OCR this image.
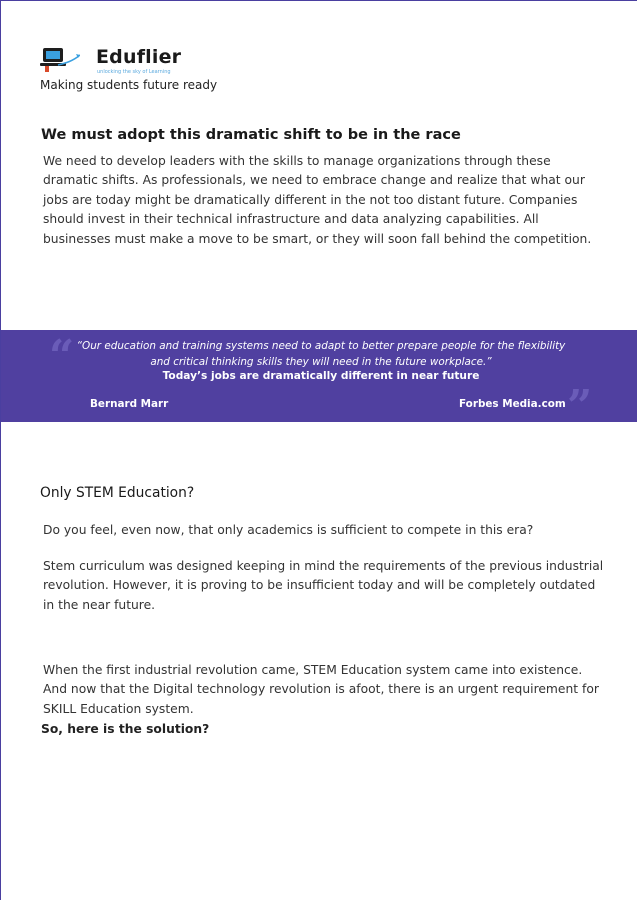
Eduflier
unlocking the sky of Learning
Making students future ready
We must adopt this dramatic shift to be in the race
We need to develop leaders with the skills to manage organizations through these dramatic shifts. As professionals, we need to embrace change and realize that what our jobs are today might be dramatically different in the not too distant future. Companies should invest in their technical infrastructure and data analyzing capabilities. All businesses must make a move to be smart, or they will soon fall behind the competition.
“
”
“Our education and training systems need to adapt to better prepare people for the flexibility and critical thinking skills they will need in the future workplace.”
Today’s jobs are dramatically different in near future
Bernard Marr	Forbes Media.com
Only STEM Education?
Do you feel, even now, that only academics is sufficient to compete in this era?
Stem curriculum was designed keeping in mind the requirements of the previous industrial revolution. However, it is proving to be insufficient today and will be completely outdated in the near future.
When the first industrial revolution came, STEM Education system came into existence. And now that the Digital technology revolution is afoot, there is an urgent requirement for SKILL Education system.
So, here is the solution?
